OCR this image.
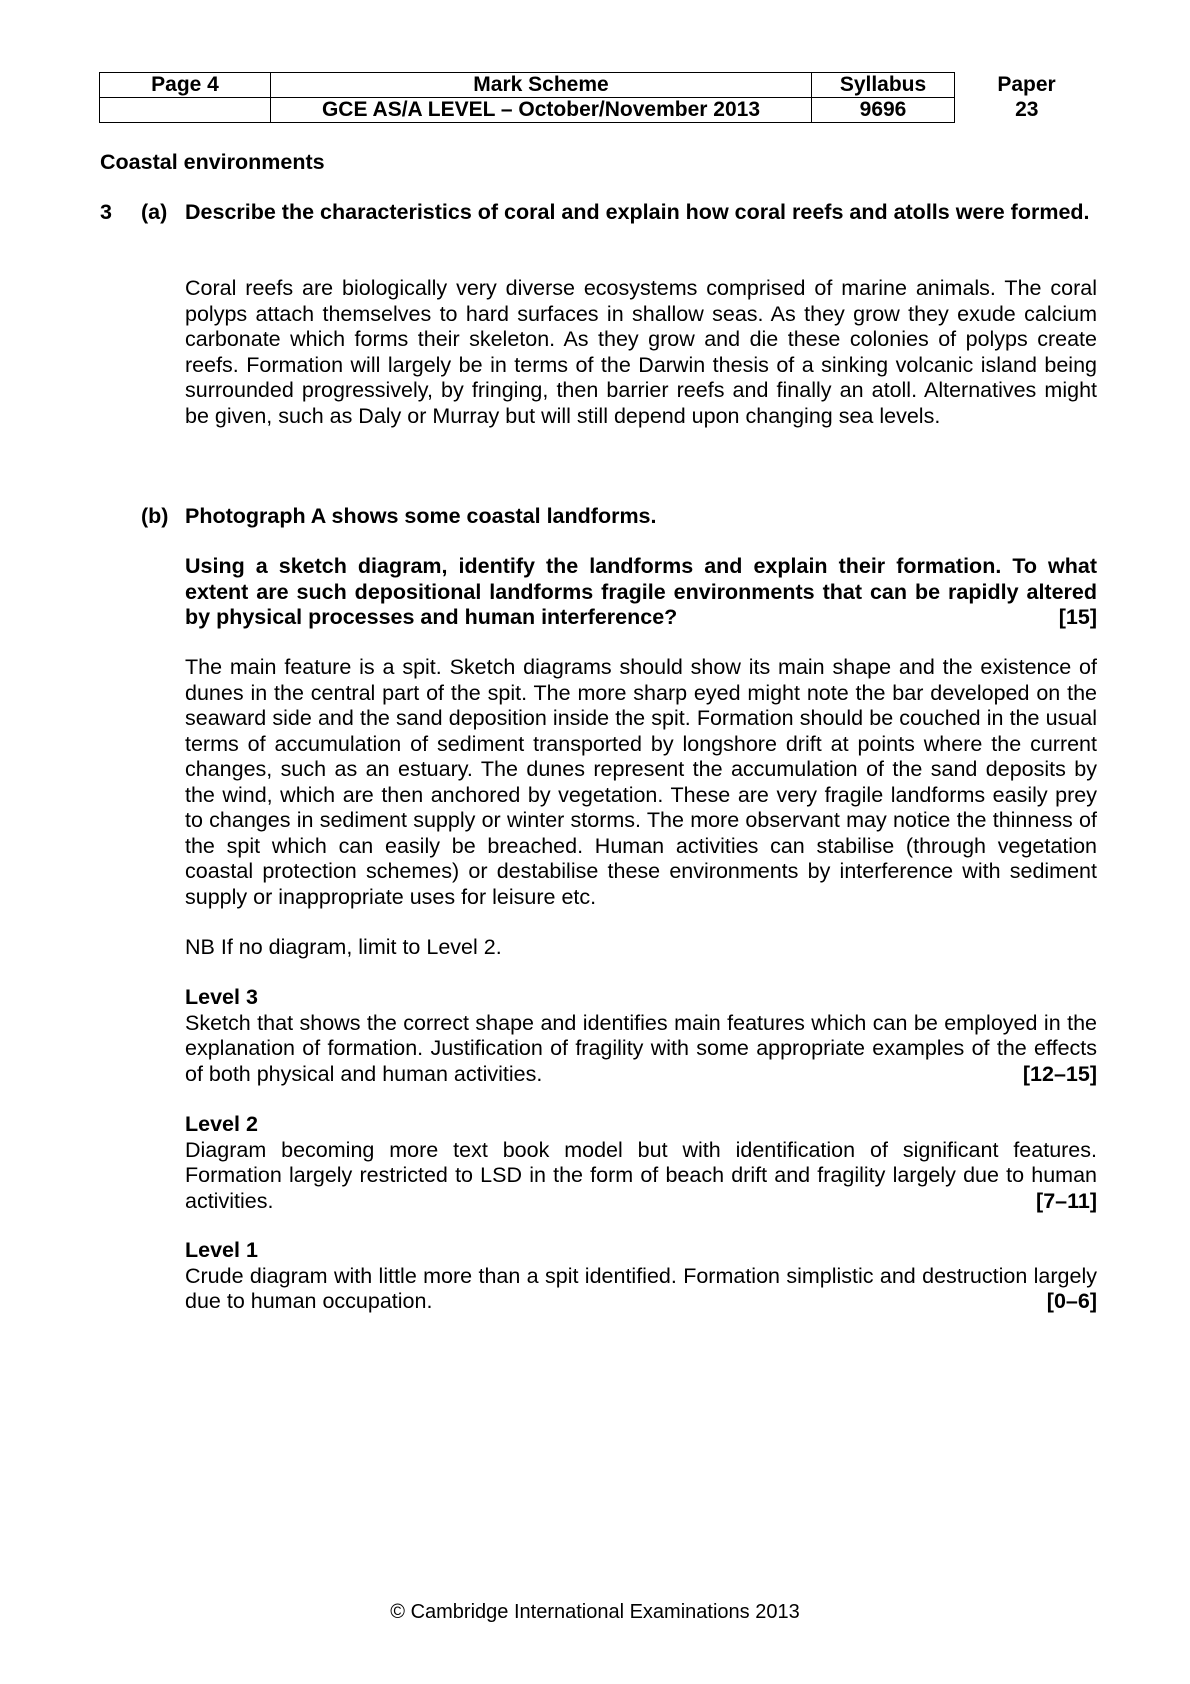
Page 4	Mark Scheme	Syllabus	Paper
	GCE AS/A LEVEL – October/November 2013	9696	23
Coastal environments
3 (a) Describe the characteristics of coral and explain how coral reefs and atolls were formed.
Coral reefs are biologically very diverse ecosystems comprised of marine animals. The coral polyps attach themselves to hard surfaces in shallow seas. As they grow they exude calcium carbonate which forms their skeleton. As they grow and die these colonies of polyps create reefs. Formation will largely be in terms of the Darwin thesis of a sinking volcanic island being surrounded progressively, by fringing, then barrier reefs and finally an atoll. Alternatives might be given, such as Daly or Murray but will still depend upon changing sea levels.
(b) Photograph A shows some coastal landforms.
Using a sketch diagram, identify the landforms and explain their formation. To what extent are such depositional landforms fragile environments that can be rapidly altered by physical processes and human interference?	[15]
The main feature is a spit. Sketch diagrams should show its main shape and the existence of dunes in the central part of the spit. The more sharp eyed might note the bar developed on the seaward side and the sand deposition inside the spit. Formation should be couched in the usual terms of accumulation of sediment transported by longshore drift at points where the current changes, such as an estuary. The dunes represent the accumulation of the sand deposits by the wind, which are then anchored by vegetation. These are very fragile landforms easily prey to changes in sediment supply or winter storms. The more observant may notice the thinness of the spit which can easily be breached. Human activities can stabilise (through vegetation coastal protection schemes) or destabilise these environments by interference with sediment supply or inappropriate uses for leisure etc.
NB If no diagram, limit to Level 2.

Level 3

Sketch that shows the correct shape and identifies main features which can be employed in the explanation of formation. Justification of fragility with some appropriate examples of the effects of both physical and human activities.	[12–15]

Level 2

Diagram becoming more text book model but with identification of significant features. Formation largely restricted to LSD in the form of beach drift and fragility largely due to human activities.	[7–11]

Level 1

Crude diagram with little more than a spit identified. Formation simplistic and destruction largely due to human occupation.	[0–6]

© Cambridge International Examinations 2013
